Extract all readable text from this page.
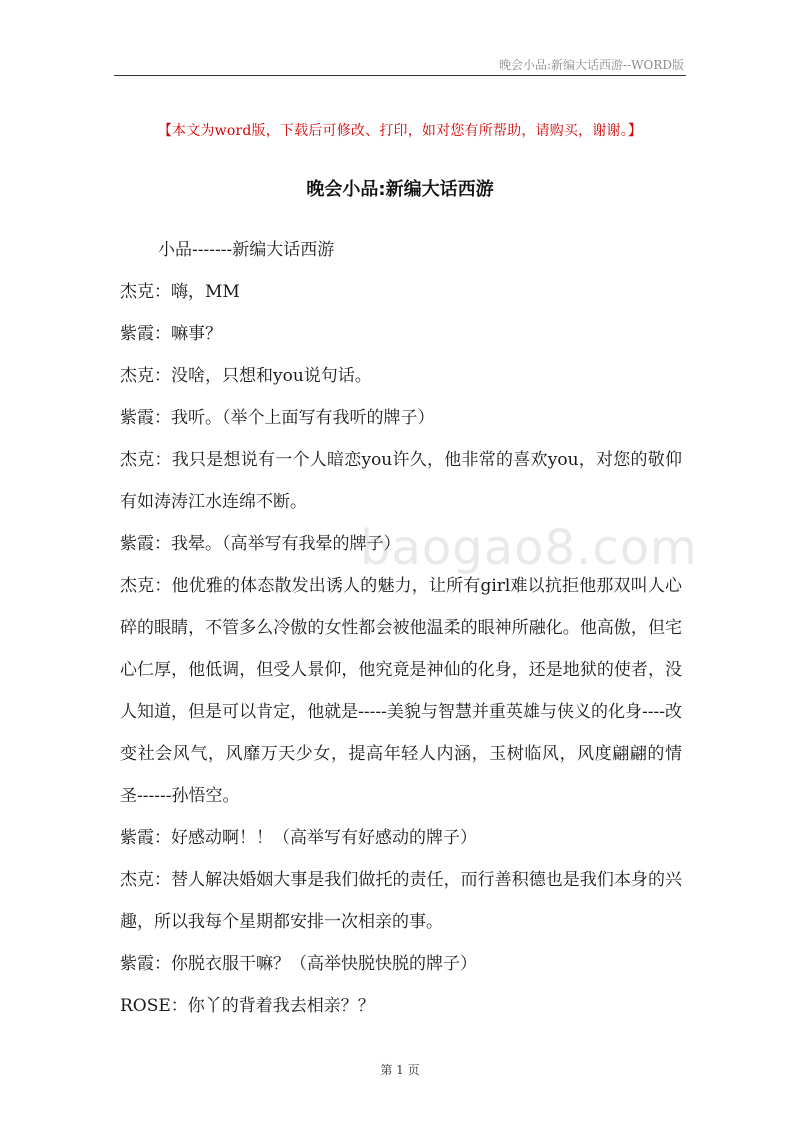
晚会小品:新编大话西游--WORD版
【本文为word版，下载后可修改、打印，如对您有所帮助，请购买，谢谢。】
晚会小品:新编大话西游
baogao8.com

小品-------新编大话西游

杰克：嗨，MM

紫霞：嘛事？

杰克：没啥，只想和you说句话。

紫霞：我听。（举个上面写有我听的牌子）

杰克：我只是想说有一个人暗恋you许久，他非常的喜欢you，对您的敬仰有如涛涛江水连绵不断。

紫霞：我晕。（高举写有我晕的牌子）

杰克：他优雅的体态散发出诱人的魅力，让所有girl难以抗拒他那双叫人心碎的眼睛，不管多么冷傲的女性都会被他温柔的眼神所融化。他高傲，但宅心仁厚，他低调，但受人景仰，他究竟是神仙的化身，还是地狱的使者，没人知道，但是可以肯定，他就是-----美貌与智慧并重英雄与侠义的化身----改变社会风气，风靡万天少女，提高年轻人内涵，玉树临风，风度翩翩的情圣------孙悟空。

紫霞：好感动啊！！（高举写有好感动的牌子）

杰克：替人解决婚姻大事是我们做托的责任，而行善积德也是我们本身的兴趣，所以我每个星期都安排一次相亲的事。

紫霞：你脱衣服干嘛？（高举快脱快脱的牌子）

ROSE：你丫的背着我去相亲？？

第 1 页
